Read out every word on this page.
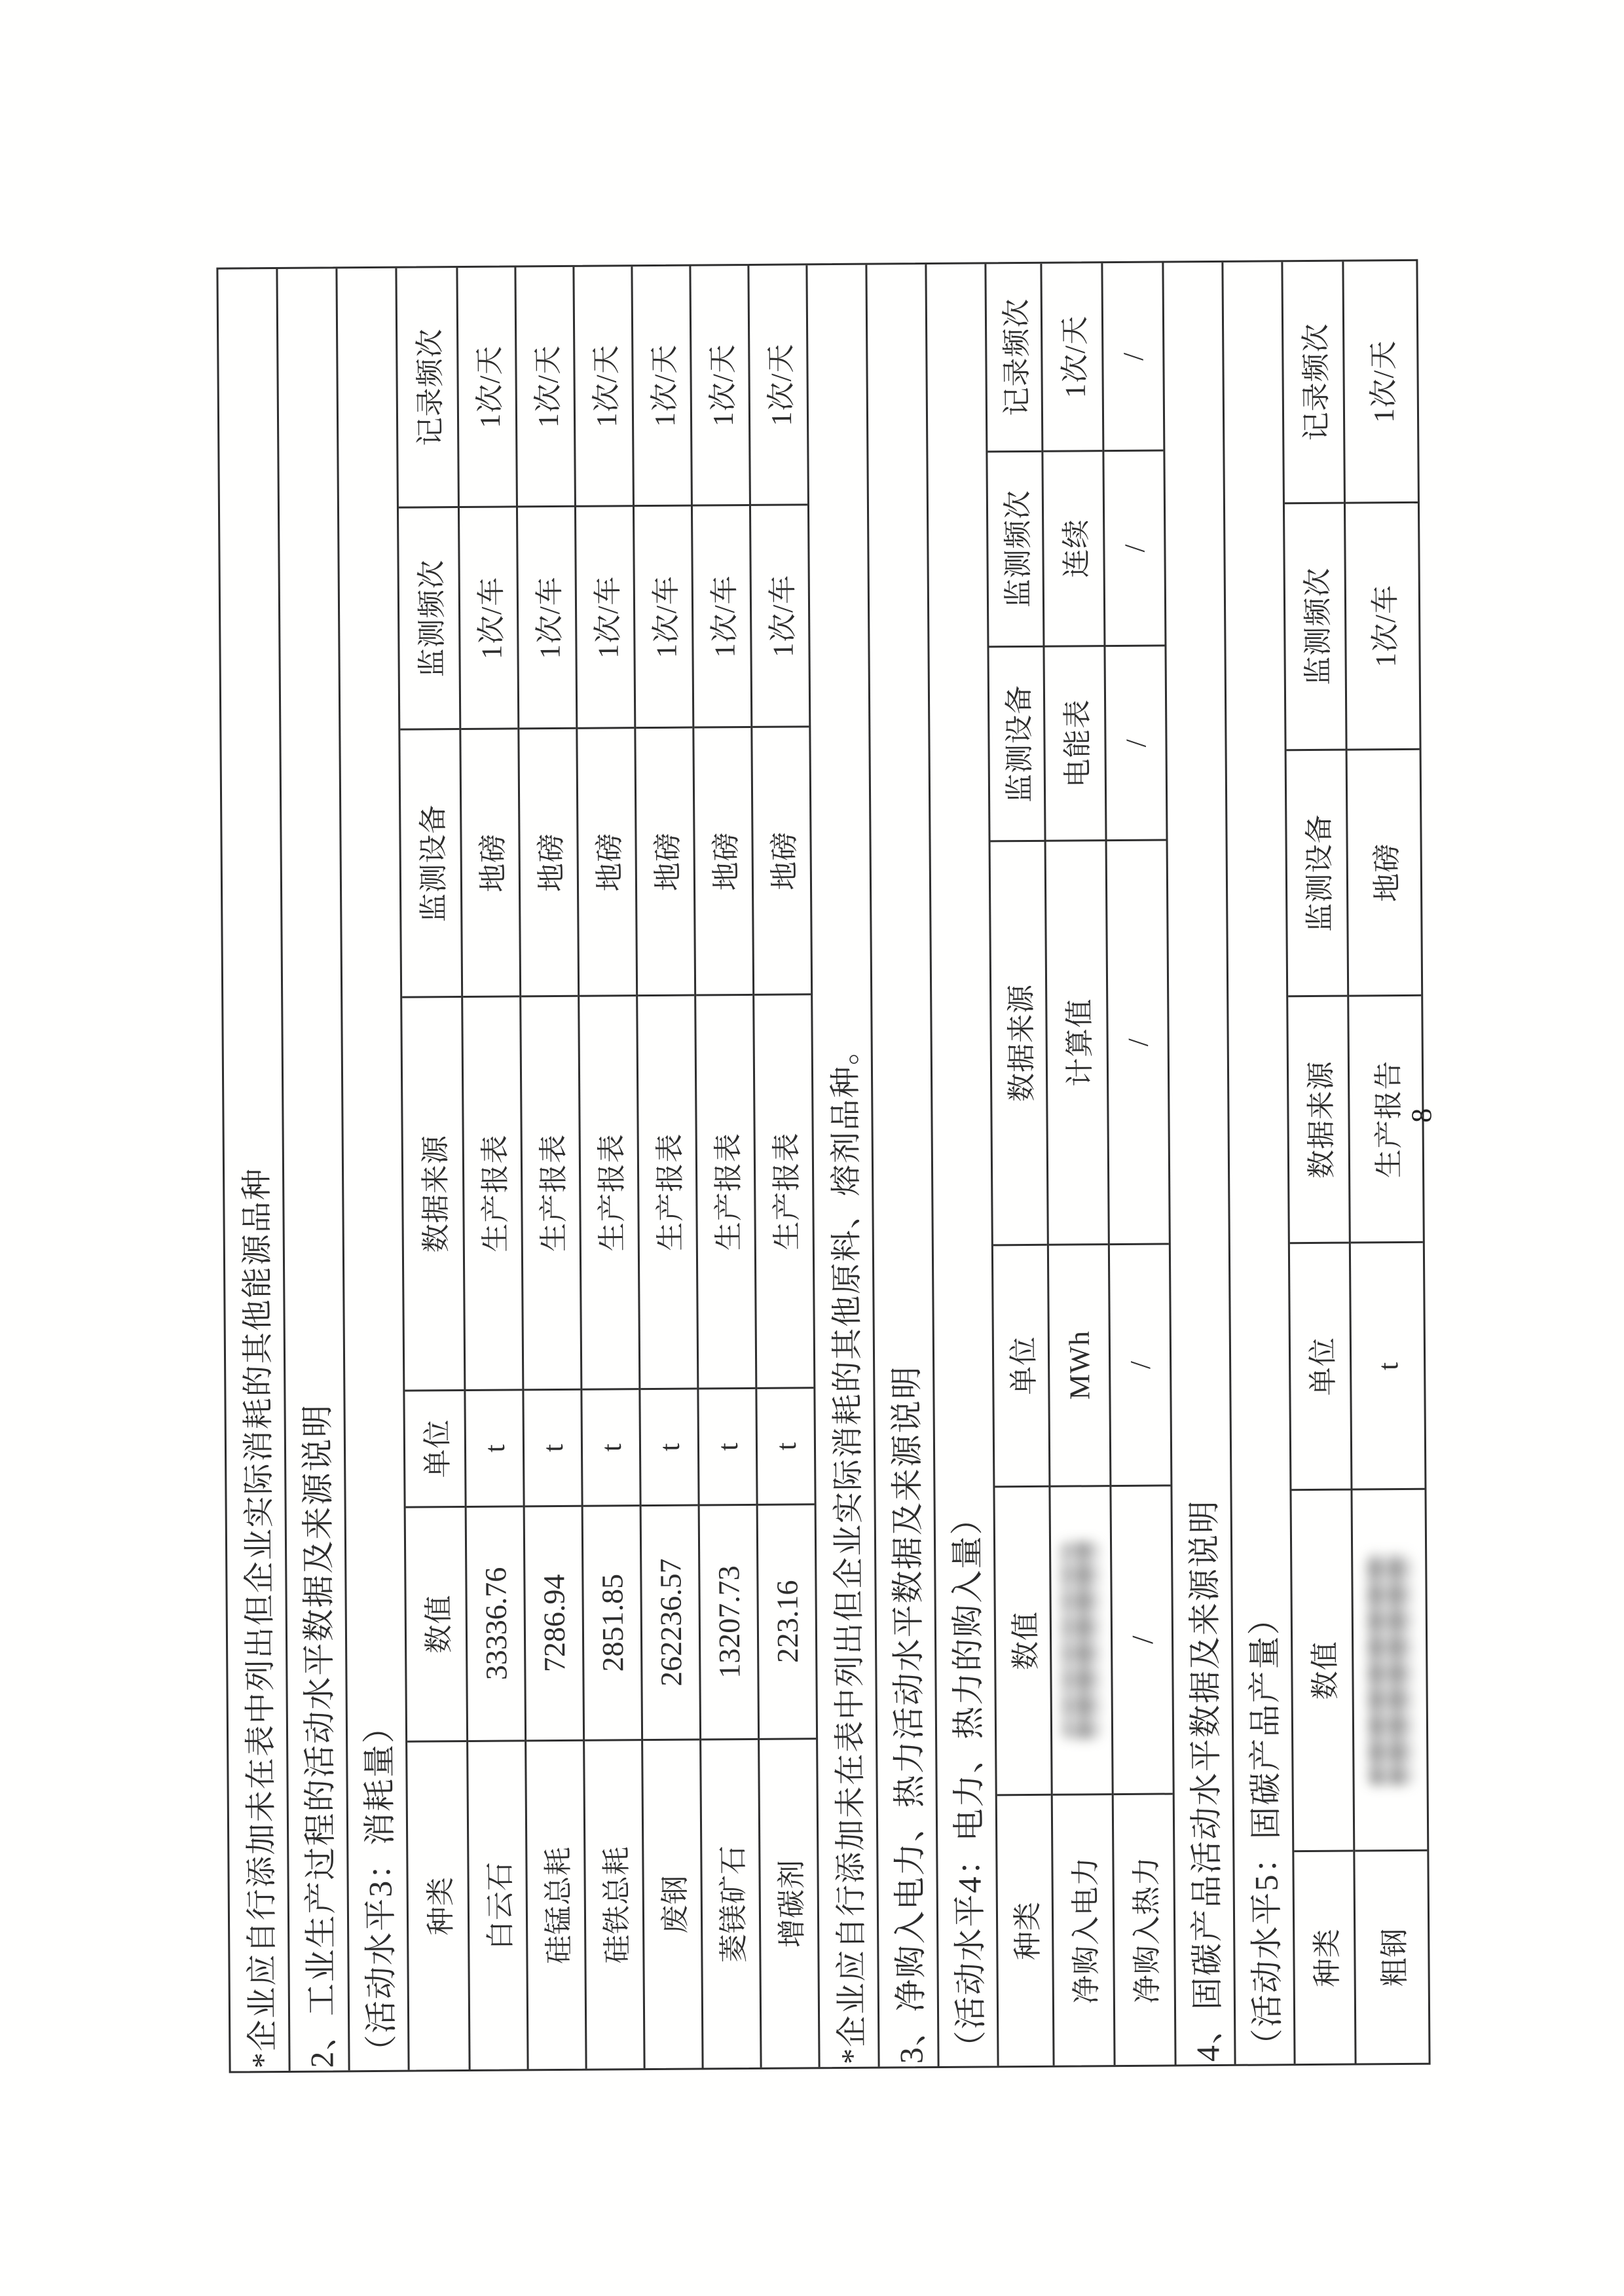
*企业应自行添加未在表中列出但企业实际消耗的其他能源品种 2、工业生产过程的活动水平数据及来源说明 （活动水平3：消耗量） 种类
数值
单位
数据来源
监测设备
监测频次
记录频次
白云石
33336.76
t
生产报表
地磅
1次/车
1次/天
硅锰总耗
7286.94
t
生产报表
地磅
1次/车
1次/天
硅铁总耗
2851.85
t
生产报表
地磅
1次/车
1次/天
废钢
262236.57
t
生产报表
地磅
1次/车
1次/天
菱镁矿石
13207.73
t
生产报表
地磅
1次/车
1次/天
增碳剂
223.16
t
生产报表
地磅
1次/车
1次/天
*企业应自行添加未在表中列出但企业实际消耗的其他原料、熔剂品种。 3、净购入电力、热力活动水平数据及来源说明 （活动水平4：电力、热力的购入量） 种类
数值
单位
数据来源
监测设备
监测频次
记录频次
净购入电力
MWh
计算值
电能表
连续
1次/天
净购入热力
/
/
/
/
/
/
4、固碳产品活动水平数据及来源说明 （活动水平5：固碳产品产量） 种类
数值
单位
数据来源
监测设备
监测频次
记录频次
粗钢
t
生产报告
地磅
1次/车
1次/天
8
